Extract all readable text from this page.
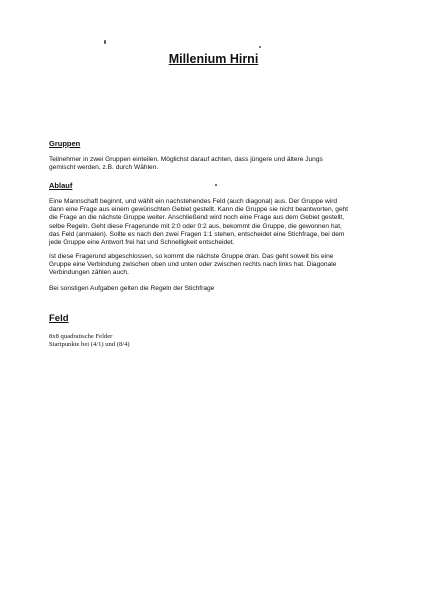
Millenium Hirni
Gruppen
Teilnehmer in zwei Gruppen einteilen. Möglichst darauf achten, dass jüngere und ältere Jungs
gemischt werden, z.B. durch Wählen.
Ablauf
Eine Mannschaft beginnt, und wählt ein nachstehendes Feld (auch diagonal) aus. Der Gruppe wird
dann eine Frage aus einem gewünschten Gebiet gestellt. Kann die Gruppe sie nicht beantworten, geht
die Frage an die nächste Gruppe weiter. Anschließend wird noch eine Frage aus dem Gebiet gestellt,
selbe Regeln. Geht diese Fragerunde mit 2:0 oder 0:2 aus, bekommt die Gruppe, die gewonnen hat,
das Feld (anmalen). Sollte es nach den zwei Fragen 1:1 stehen, entscheidet eine Stichfrage, bei dem
jede Gruppe eine Antwort frei hat und Schnelligkeit entscheidet.
Ist diese Fragerund abgeschlossen, so kommt die nächste Gruppe dran. Das geht soweit bis eine
Gruppe eine Verbindung zwischen oben und unten oder zwischen rechts nach links hat. Diagonale
Verbindungen zählen auch.
Bei sonstigen Aufgaben gelten die Regeln der Stichfrage
Feld
8x8 quadratische Felder
Startpunkte bei (4/1) und (8/4)
